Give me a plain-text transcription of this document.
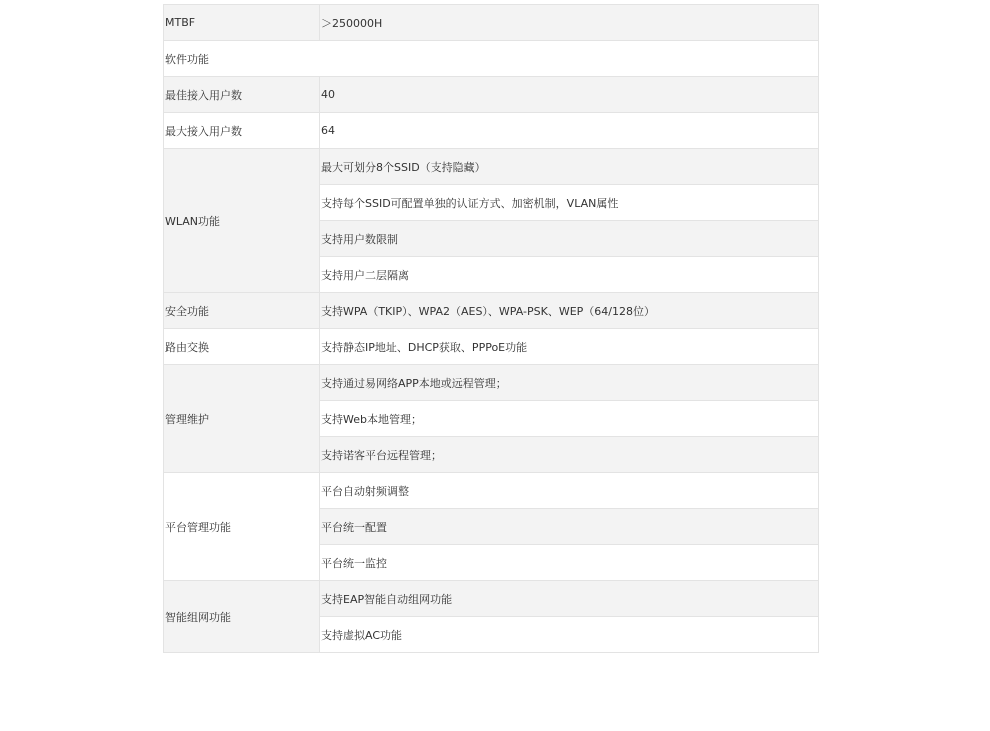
MTBF	＞250000H
软件功能	
最佳接入用户数	40
最大接入用户数	64
WLAN功能	最大可划分8个SSID（支持隐藏）
	支持每个SSID可配置单独的认证方式、加密机制，VLAN属性
	支持用户数限制
	支持用户二层隔离
安全功能	支持WPA（TKIP）、WPA2（AES）、WPA-PSK、WEP（64/128位）
路由交换	支持静态IP地址、DHCP获取、PPPoE功能
管理维护	支持通过易网络APP本地或远程管理；
	支持Web本地管理；
	支持诺客平台远程管理；
平台管理功能	平台自动射频调整
	平台统一配置
	平台统一监控
智能组网功能	支持EAP智能自动组网功能
	支持虚拟AC功能
